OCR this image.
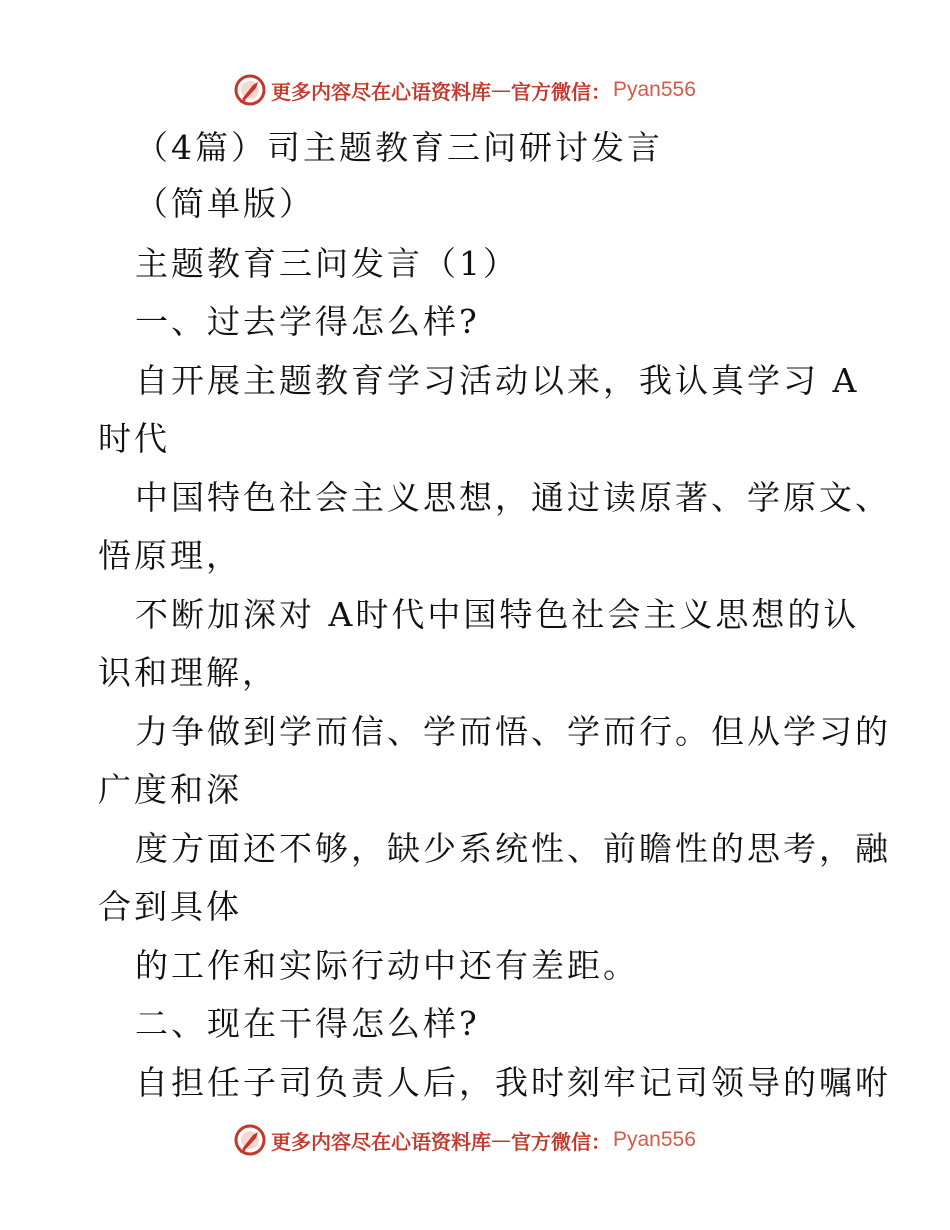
更多内容尽在心语资料库 — 官方微信： Pyan556
（4篇）司主题教育三问研讨发言
（简单版）
主题教育三问发言（1）
一、过去学得怎么样?
自开展主题教育学习活动以来，我认真学习 A
时代
中国特色社会主义思想，通过读原著、学原文、
悟原理，
不断加深对 A时代中国特色社会主义思想的认
识和理解，
力争做到学而信、学而悟、学而行。但从学习的
广度和深
度方面还不够，缺少系统性、前瞻性的思考，融
合到具体
的工作和实际行动中还有差距。
二、现在干得怎么样?
自担任子司负责人后，我时刻牢记司领导的嘱咐
更多内容尽在心语资料库 — 官方微信： Pyan556
